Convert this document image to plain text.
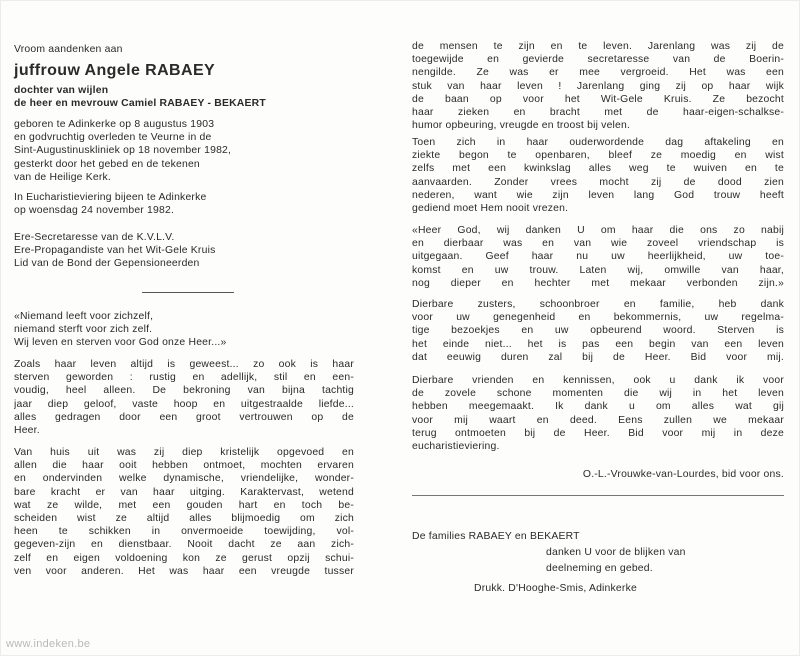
Vroom aandenken aan
juffrouw Angele RABAEY
dochter van wijlen
de heer en mevrouw Camiel RABAEY - BEKAERT
geboren te Adinkerke op 8 augustus 1903
en godvruchtig overleden te Veurne in de
Sint-Augustinuskliniek op 18 november 1982,
gesterkt door het gebed en de tekenen
van de Heilige Kerk.
In Eucharistieviering bijeen te Adinkerke
op woensdag 24 november 1982.
Ere-Secretaresse van de K.V.L.V.
Ere-Propagandiste van het Wit-Gele Kruis
Lid van de Bond der Gepensioneerden
«Niemand leeft voor zichzelf,
niemand sterft voor zich zelf.
Wij leven en sterven voor God onze Heer...»
Zoals haar leven altijd is geweest... zo ook is haar
sterven geworden : rustig en adellijk, stil en een-
voudig, heel alleen. De bekroning van bijna tachtig
jaar diep geloof, vaste hoop en uitgestraalde liefde...
alles gedragen door een groot vertrouwen op de
Heer.
Van huis uit was zij diep kristelijk opgevoed en
allen die haar ooit hebben ontmoet, mochten ervaren
en ondervinden welke dynamische, vriendelijke, wonder-
bare kracht er van haar uitging. Karaktervast, wetend
wat ze wilde, met een gouden hart en toch be-
scheiden wist ze altijd alles blijmoedig om zich
heen te schikken in onvermoeide toewijding, vol-
gegeven-zijn en dienstbaar. Nooit dacht ze aan zich-
zelf en eigen voldoening kon ze gerust opzij schui-
ven voor anderen. Het was haar een vreugde tusser
de mensen te zijn en te leven. Jarenlang was zij de
toegewijde en gevierde secretaresse van de Boerin-
nengilde. Ze was er mee vergroeid. Het was een
stuk van haar leven ! Jarenlang ging zij op haar wijk
de baan op voor het Wit-Gele Kruis. Ze bezocht
haar zieken en bracht met de haar-eigen-schalkse-
humor opbeuring, vreugde en troost bij velen.
Toen zich in haar ouderwordende dag aftakeling en
ziekte begon te openbaren, bleef ze moedig en wist
zelfs met een kwinkslag alles weg te wuiven en te
aanvaarden. Zonder vrees mocht zij de dood zien
nederen, want wie zijn leven lang God trouw heeft
gediend moet Hem nooit vrezen.
«Heer God, wij danken U om haar die ons zo nabij
en dierbaar was en van wie zoveel vriendschap is
uitgegaan. Geef haar nu uw heerlijkheid, uw toe-
komst en uw trouw. Laten wij, omwille van haar,
nog dieper en hechter met mekaar verbonden zijn.»
Dierbare zusters, schoonbroer en familie, heb dank
voor uw genegenheid en bekommernis, uw regelma-
tige bezoekjes en uw opbeurend woord. Sterven is
het einde niet... het is pas een begin van een leven
dat eeuwig duren zal bij de Heer. Bid voor mij.
Dierbare vrienden en kennissen, ook u dank ik voor
de zovele schone momenten die wij in het leven
hebben meegemaakt. Ik dank u om alles wat gij
voor mij waart en deed. Eens zullen we mekaar
terug ontmoeten bij de Heer. Bid voor mij in deze
eucharistieviering.
O.-L.-Vrouwke-van-Lourdes, bid voor ons.
De families RABAEY en BEKAERT
danken U voor de blijken van
deelneming en gebed.
Drukk. D'Hooghe-Smis, Adinkerke
www.indeken.be
